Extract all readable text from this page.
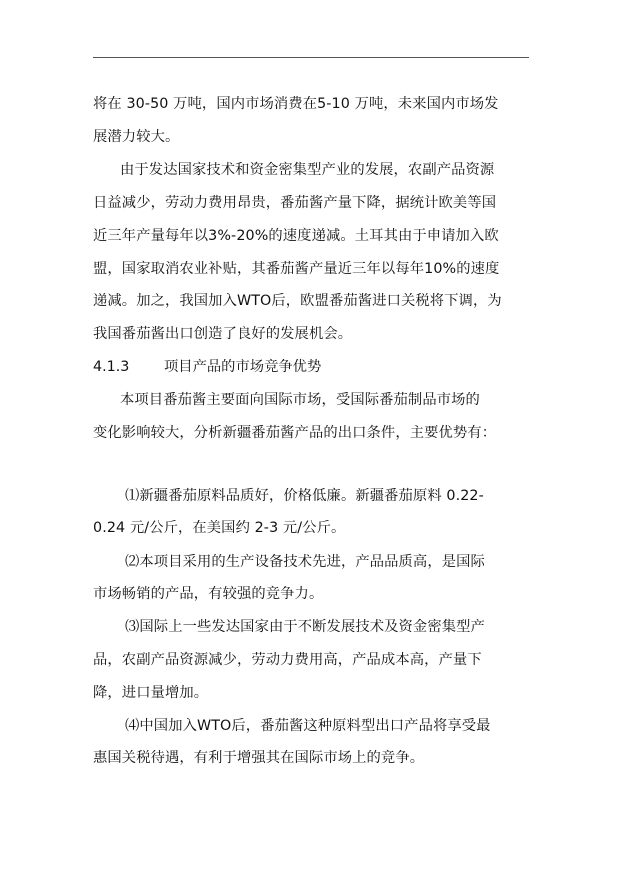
将在 30-50 万吨，国内市场消费在5-10 万吨，未来国内市场发
展潜力较大。
由于发达国家技术和资金密集型产业的发展，农副产品资源
日益减少，劳动力费用昂贵，番茄酱产量下降，据统计欧美等国
近三年产量每年以3%-20%的速度递减。土耳其由于申请加入欧
盟，国家取消农业补贴，其番茄酱产量近三年以每年10%的速度
递减。加之，我国加入WTO后，欧盟番茄酱进口关税将下调，为
我国番茄酱出口创造了良好的发展机会。
4.1.3	项目产品的市场竞争优势
本项目番茄酱主要面向国际市场，受国际番茄制品市场的
变化影响较大，分析新疆番茄酱产品的出口条件，主要优势有：
⑴新疆番茄原料品质好，价格低廉。新疆番茄原料 0.22-
0.24 元/公斤，在美国约 2-3 元/公斤。
⑵本项目采用的生产设备技术先进，产品品质高，是国际
市场畅销的产品，有较强的竞争力。
⑶国际上一些发达国家由于不断发展技术及资金密集型产
品，农副产品资源减少，劳动力费用高，产品成本高，产量下
降，进口量增加。
⑷中国加入WTO后，番茄酱这种原料型出口产品将享受最
惠国关税待遇，有利于增强其在国际市场上的竞争。
